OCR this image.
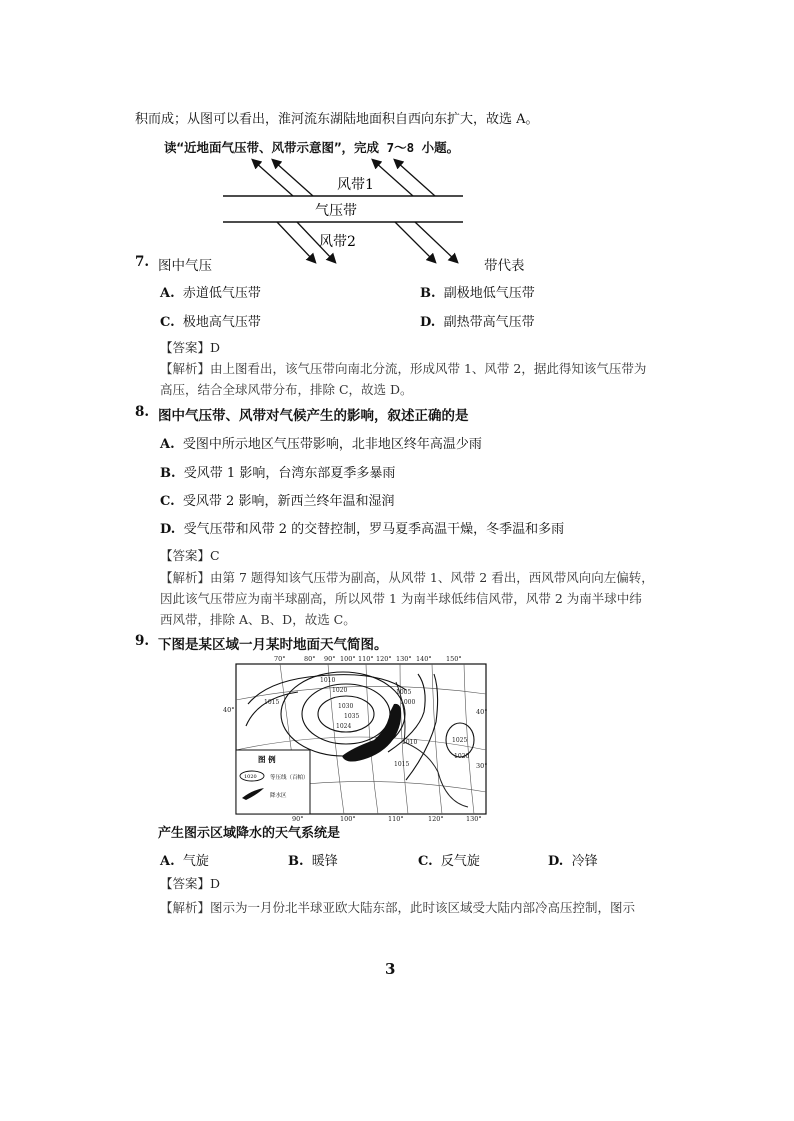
积而成；从图可以看出，淮河流东湖陆地面积自西向东扩大，故选 A。
读“近地面气压带、风带示意图”，完成 7～8 小题。
风带1
气压带
风带2
7. 图中气压	带代表
A. 赤道低气压带	B. 副极地低气压带
C. 极地高气压带	D. 副热带高气压带
【答案】D
【解析】由上图看出，该气压带向南北分流，形成风带 1、风带 2，据此得知该气压带为
高压，结合全球风带分布，排除 C，故选 D。
8. 图中气压带、风带对气候产生的影响，叙述正确的是
A. 受图中所示地区气压带影响，北非地区终年高温少雨
B. 受风带 1 影响，台湾东部夏季多暴雨
C. 受风带 2 影响，新西兰终年温和湿润
D. 受气压带和风带 2 的交替控制，罗马夏季高温干燥，冬季温和多雨
【答案】C
【解析】由第 7 题得知该气压带为副高，从风带 1、风带 2 看出，西风带风向向左偏转，
因此该气压带应为南半球副高，所以风带 1 为南半球低纬信风带，风带 2 为南半球中纬
西风带，排除 A、B、D，故选 C。
9. 下图是某区域一月某时地面天气简图。
70°	80° 90° 100° 110° 120° 130° 140° 150°
90°	100°	110°	120°	130°
40°	40°
30°
1015
1010
1020
1030
1035
1024
1005
1000
1010
1015
1025
1020
图 例
1020 等压线（百帕）
降水区
产生图示区域降水的天气系统是
A. 气旋	B. 暖锋	C. 反气旋	D. 冷锋
【答案】D
【解析】图示为一月份北半球亚欧大陆东部，此时该区域受大陆内部冷高压控制，图示
3
